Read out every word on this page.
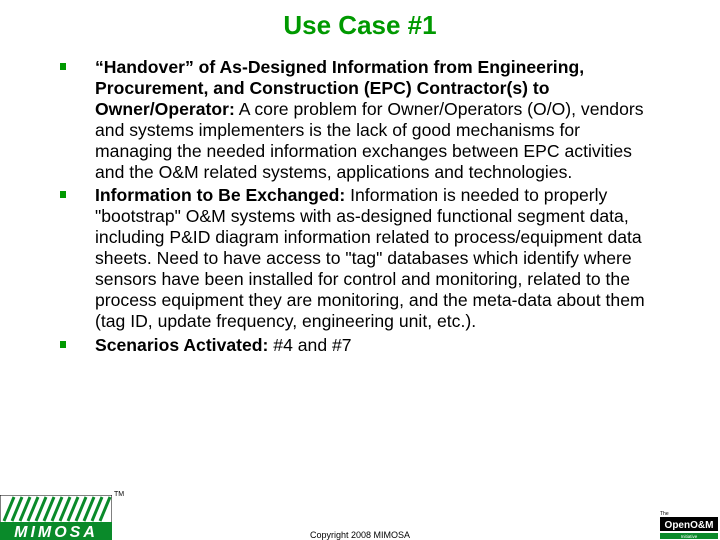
Use Case #1
“Handover” of As-Designed Information from Engineering, Procurement, and Construction (EPC) Contractor(s) to Owner/Operator: A core problem for Owner/Operators (O/O), vendors and systems implementers is the lack of good mechanisms for managing the needed information exchanges between EPC activities and the O&M related systems, applications and technologies.
Information to Be Exchanged: Information is needed to properly "bootstrap" O&M systems with as-designed functional segment data, including P&ID diagram information related to process/equipment data sheets. Need to have access to "tag" databases which identify where sensors have been installed for control and monitoring, related to the process equipment they are monitoring, and the meta-data about them (tag ID, update frequency, engineering unit, etc.).
Scenarios Activated: #4 and #7
MIMOSA
TM
Copyright 2008 MIMOSA
The
OpenO&M
Initiative
